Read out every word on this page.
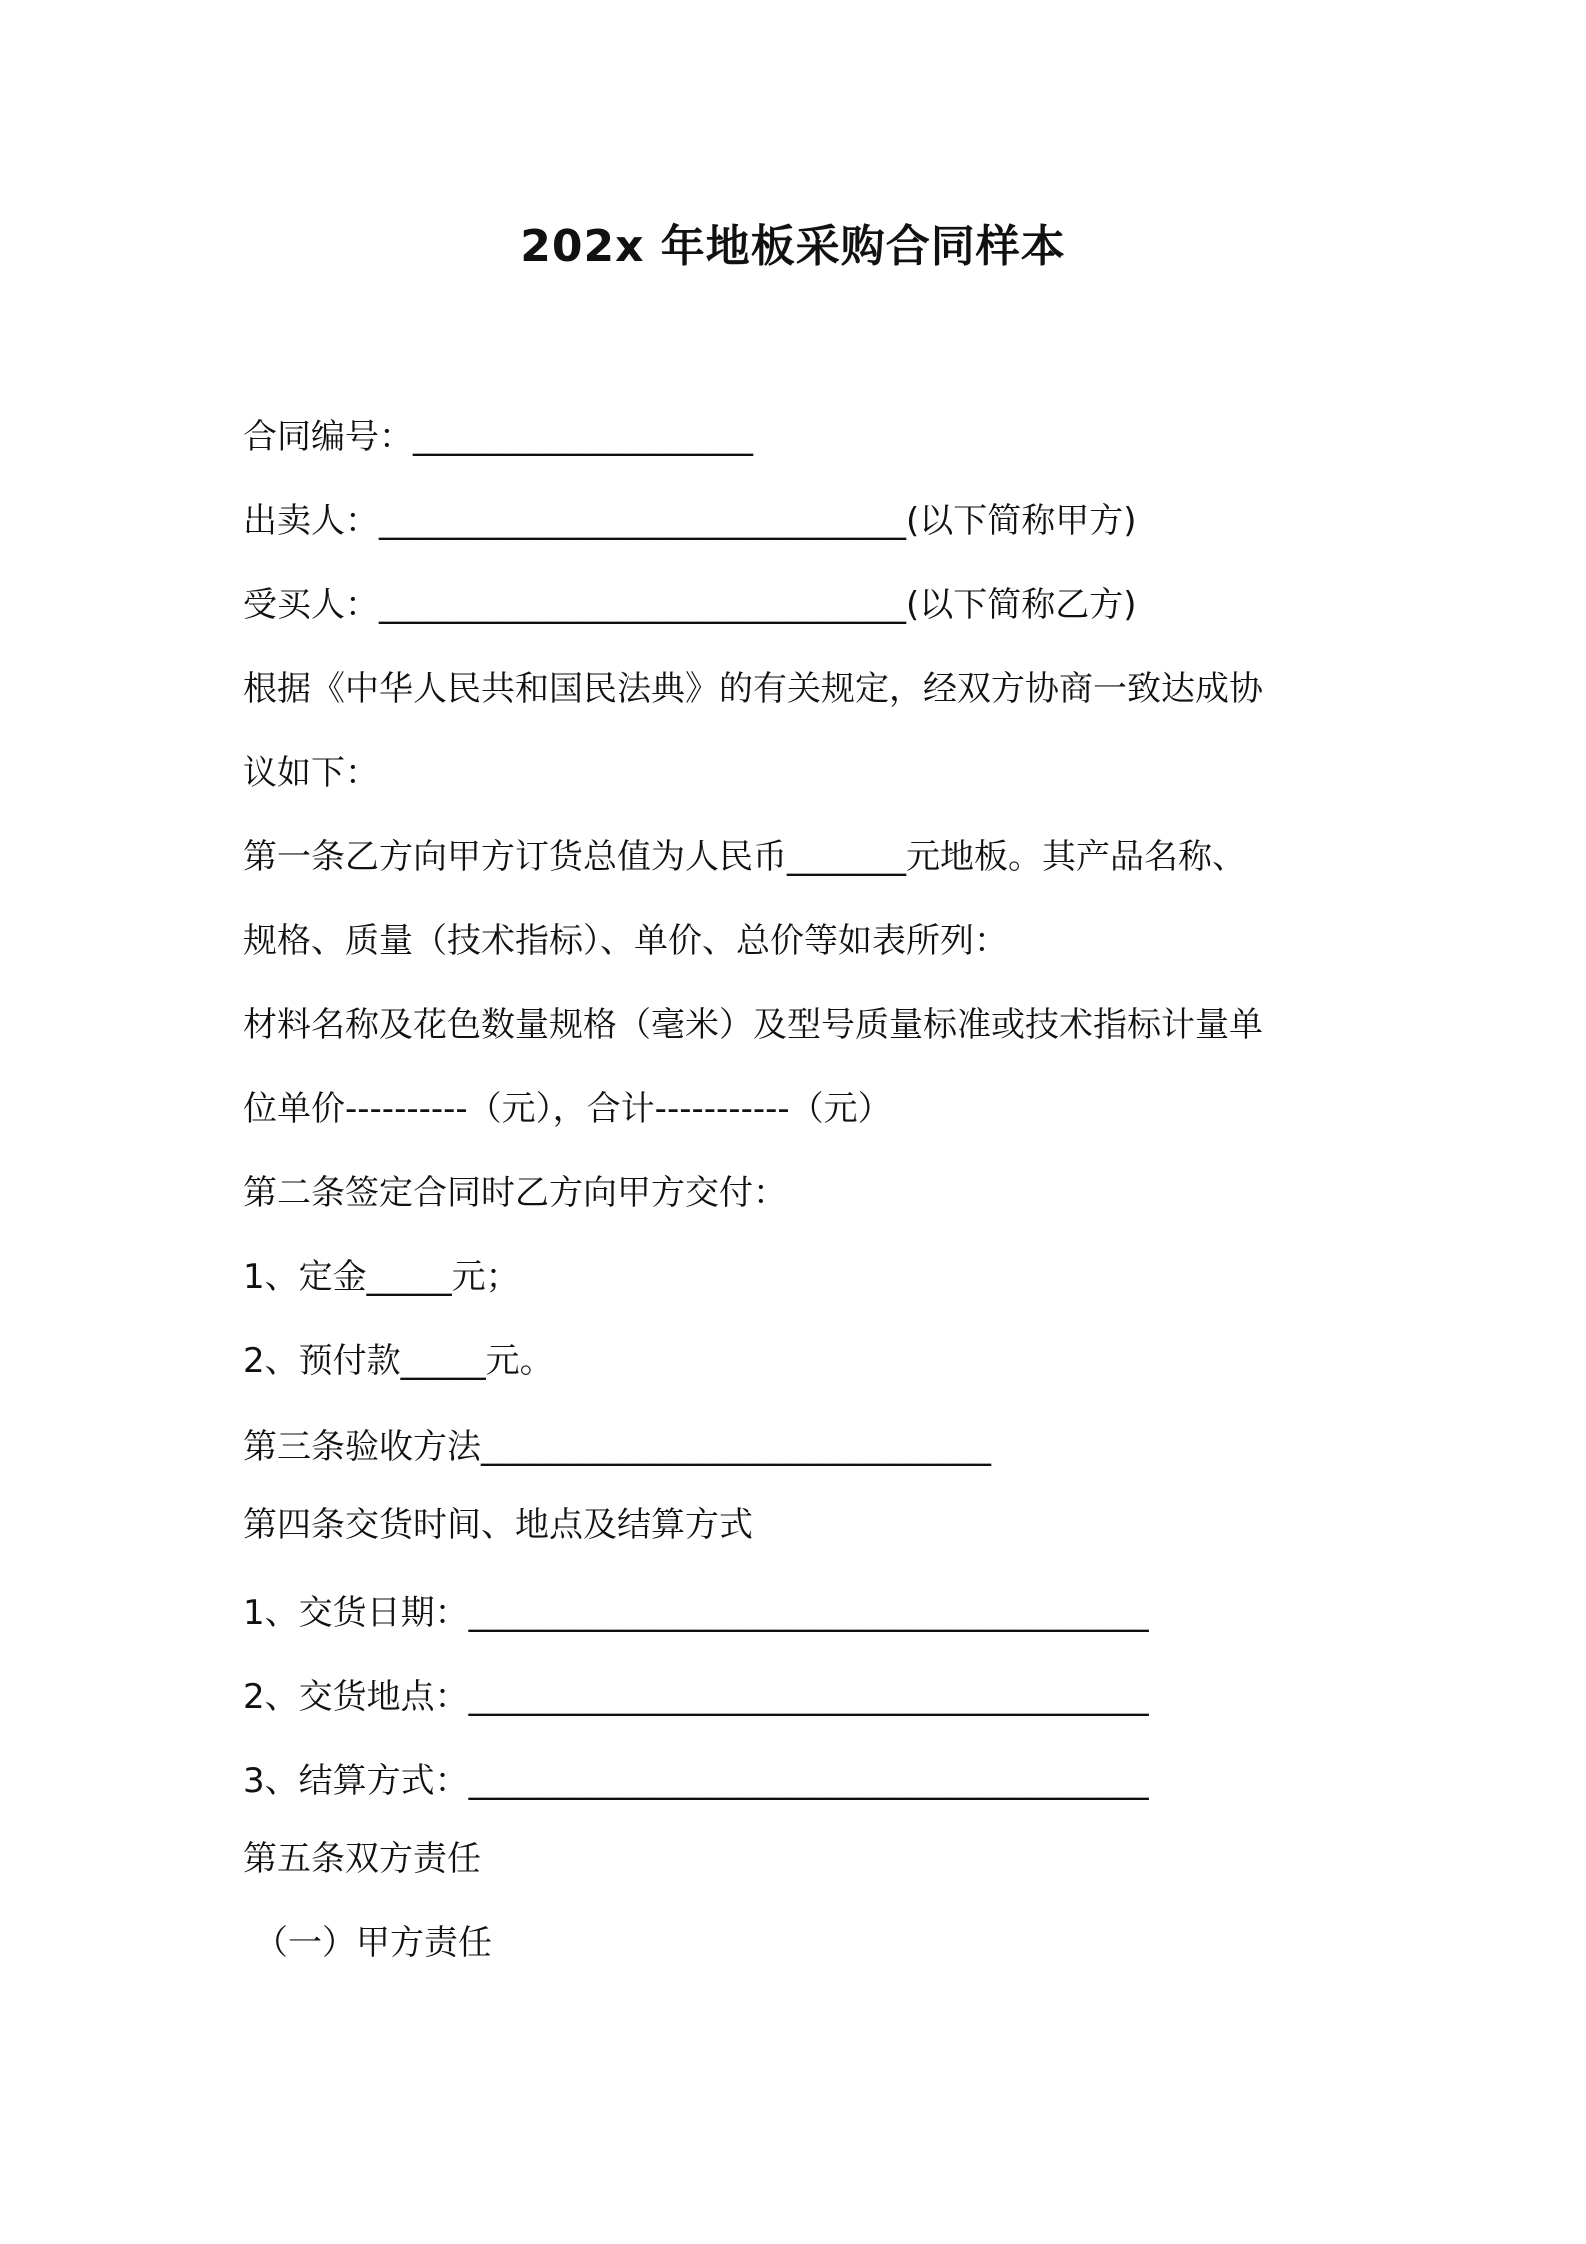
202x 年地板采购合同样本
合同编号：____________________
出卖人：_______________________________(以下简称甲方)
受买人：_______________________________(以下简称乙方)
根据《中华人民共和国民法典》的有关规定，经双方协商一致达成协
议如下：
第一条乙方向甲方订货总值为人民币_______元地板。其产品名称、
规格、质量（技术指标）、单价、总价等如表所列：
材料名称及花色数量规格（毫米）及型号质量标准或技术指标计量单
位单价----------（元），合计-----------（元）
第二条签定合同时乙方向甲方交付：
1、定金_____元；
2、预付款_____元。
第三条验收方法______________________________
第四条交货时间、地点及结算方式
1、交货日期：________________________________________
2、交货地点：________________________________________
3、结算方式：________________________________________
第五条双方责任
（一）甲方责任
